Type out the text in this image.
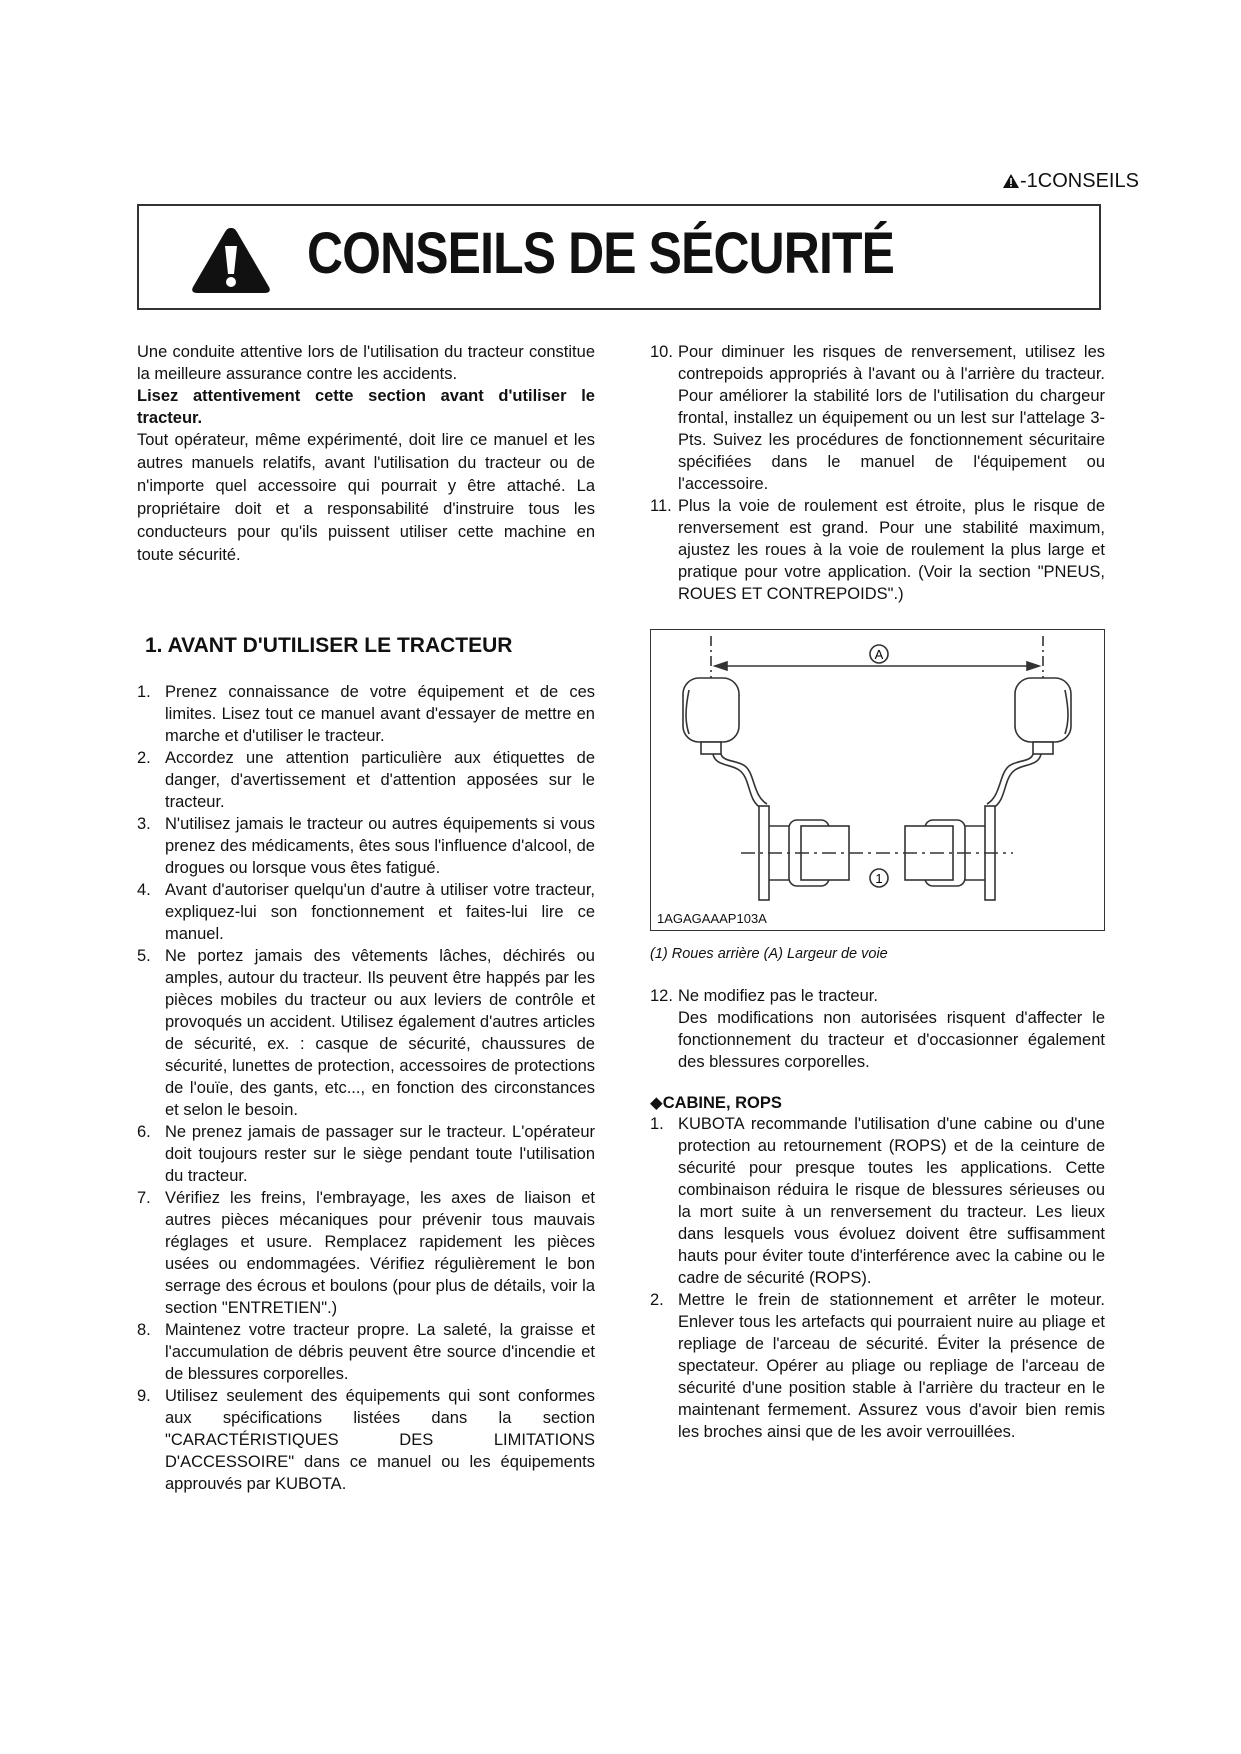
-1CONSEILS
CONSEILS DE SÉCURITÉ

Une conduite attentive lors de l'utilisation du tracteur constitue la meilleure assurance contre les accidents.

Lisez attentivement cette section avant d'utiliser le tracteur.

Tout opérateur, même expérimenté, doit lire ce manuel et les autres manuels relatifs, avant l'utilisation du tracteur ou de n'importe quel accessoire qui pourrait y être attaché. La propriétaire doit et a responsabilité d'instruire tous les conducteurs pour qu'ils puissent utiliser cette machine en toute sécurité.

1. AVANT D'UTILISER LE TRACTEUR
1. Prenez connaissance de votre équipement et de ces limites. Lisez tout ce manuel avant d'essayer de mettre en marche et d'utiliser le tracteur.
2. Accordez une attention particulière aux étiquettes de danger, d'avertissement et d'attention apposées sur le tracteur.
3. N'utilisez jamais le tracteur ou autres équipements si vous prenez des médicaments, êtes sous l'influence d'alcool, de drogues ou lorsque vous êtes fatigué.
4. Avant d'autoriser quelqu'un d'autre à utiliser votre tracteur, expliquez-lui son fonctionnement et faites-lui lire ce manuel.
5. Ne portez jamais des vêtements lâches, déchirés ou amples, autour du tracteur. Ils peuvent être happés par les pièces mobiles du tracteur ou aux leviers de contrôle et provoqués un accident. Utilisez également d'autres articles de sécurité, ex. : casque de sécurité, chaussures de sécurité, lunettes de protection, accessoires de protections de l'ouïe, des gants, etc..., en fonction des circonstances et selon le besoin.
6. Ne prenez jamais de passager sur le tracteur. L'opérateur doit toujours rester sur le siège pendant toute l'utilisation du tracteur.
7. Vérifiez les freins, l'embrayage, les axes de liaison et autres pièces mécaniques pour prévenir tous mauvais réglages et usure. Remplacez rapidement les pièces usées ou endommagées. Vérifiez régulièrement le bon serrage des écrous et boulons (pour plus de détails, voir la section "ENTRETIEN".)
8. Maintenez votre tracteur propre. La saleté, la graisse et l'accumulation de débris peuvent être source d'incendie et de blessures corporelles.
9. Utilisez seulement des équipements qui sont conformes aux spécifications listées dans la section "CARACTÉRISTIQUES DES LIMITATIONS D'ACCESSOIRE" dans ce manuel ou les équipements approuvés par KUBOTA.
10. Pour diminuer les risques de renversement, utilisez les contrepoids appropriés à l'avant ou à l'arrière du tracteur. Pour améliorer la stabilité lors de l'utilisation du chargeur frontal, installez un équipement ou un lest sur l'attelage 3-Pts. Suivez les procédures de fonctionnement sécuritaire spécifiées dans le manuel de l'équipement ou l'accessoire.
11. Plus la voie de roulement est étroite, plus le risque de renversement est grand. Pour une stabilité maximum, ajustez les roues à la voie de roulement la plus large et pratique pour votre application. (Voir la section "PNEUS, ROUES ET CONTREPOIDS".)
A
1
1AGAGAAAP103A
(1) Roues arrière (A) Largeur de voie
12. Ne modifiez pas le tracteur.
Des modifications non autorisées risquent d'affecter le fonctionnement du tracteur et d'occasionner également des blessures corporelles.
◆CABINE, ROPS
1. KUBOTA recommande l'utilisation d'une cabine ou d'une protection au retournement (ROPS) et de la ceinture de sécurité pour presque toutes les applications. Cette combinaison réduira le risque de blessures sérieuses ou la mort suite à un renversement du tracteur. Les lieux dans lesquels vous évoluez doivent être suffisamment hauts pour éviter toute d'interférence avec la cabine ou le cadre de sécurité (ROPS).
2. Mettre le frein de stationnement et arrêter le moteur. Enlever tous les artefacts qui pourraient nuire au pliage et repliage de l'arceau de sécurité. Éviter la présence de spectateur. Opérer au pliage ou repliage de l'arceau de sécurité d'une position stable à l'arrière du tracteur en le maintenant fermement. Assurez vous d'avoir bien remis les broches ainsi que de les avoir verrouillées.
